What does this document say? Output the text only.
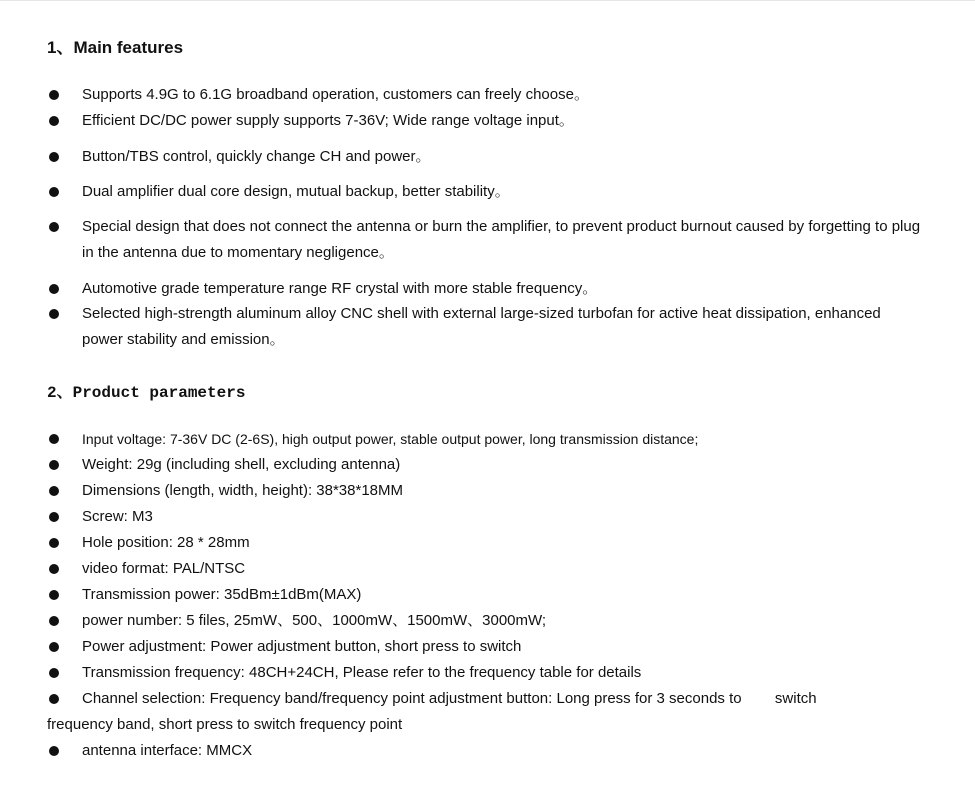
1、Main features
Supports 4.9G to 6.1G broadband operation, customers can freely choose。
Efficient DC/DC power supply supports 7-36V; Wide range voltage input。
Button/TBS control, quickly change CH and power。
Dual amplifier dual core design, mutual backup, better stability。
Special design that does not connect the antenna or burn the amplifier, to prevent product burnout caused by forgetting to plug in the antenna due to momentary negligence。
Automotive grade temperature range RF crystal with more stable frequency。
Selected high-strength aluminum alloy CNC shell with external large-sized turbofan for active heat dissipation, enhanced power stability and emission。
2、Product parameters
Input voltage: 7-36V DC (2-6S), high output power, stable output power, long transmission distance;
Weight: 29g (including shell, excluding antenna)
Dimensions (length, width, height): 38*38*18MM
Screw: M3
Hole position: 28 * 28mm
video format: PAL/NTSC
Transmission power: 35dBm±1dBm(MAX)
power number: 5 files, 25mW、500、1000mW、1500mW、3000mW;
Power adjustment: Power adjustment button, short press to switch
Transmission frequency: 48CH+24CH, Please refer to the frequency table for details
Channel selection: Frequency band/frequency point adjustment button: Long press for 3 seconds to        switch
frequency band, short press to switch frequency point
antenna interface: MMCX
